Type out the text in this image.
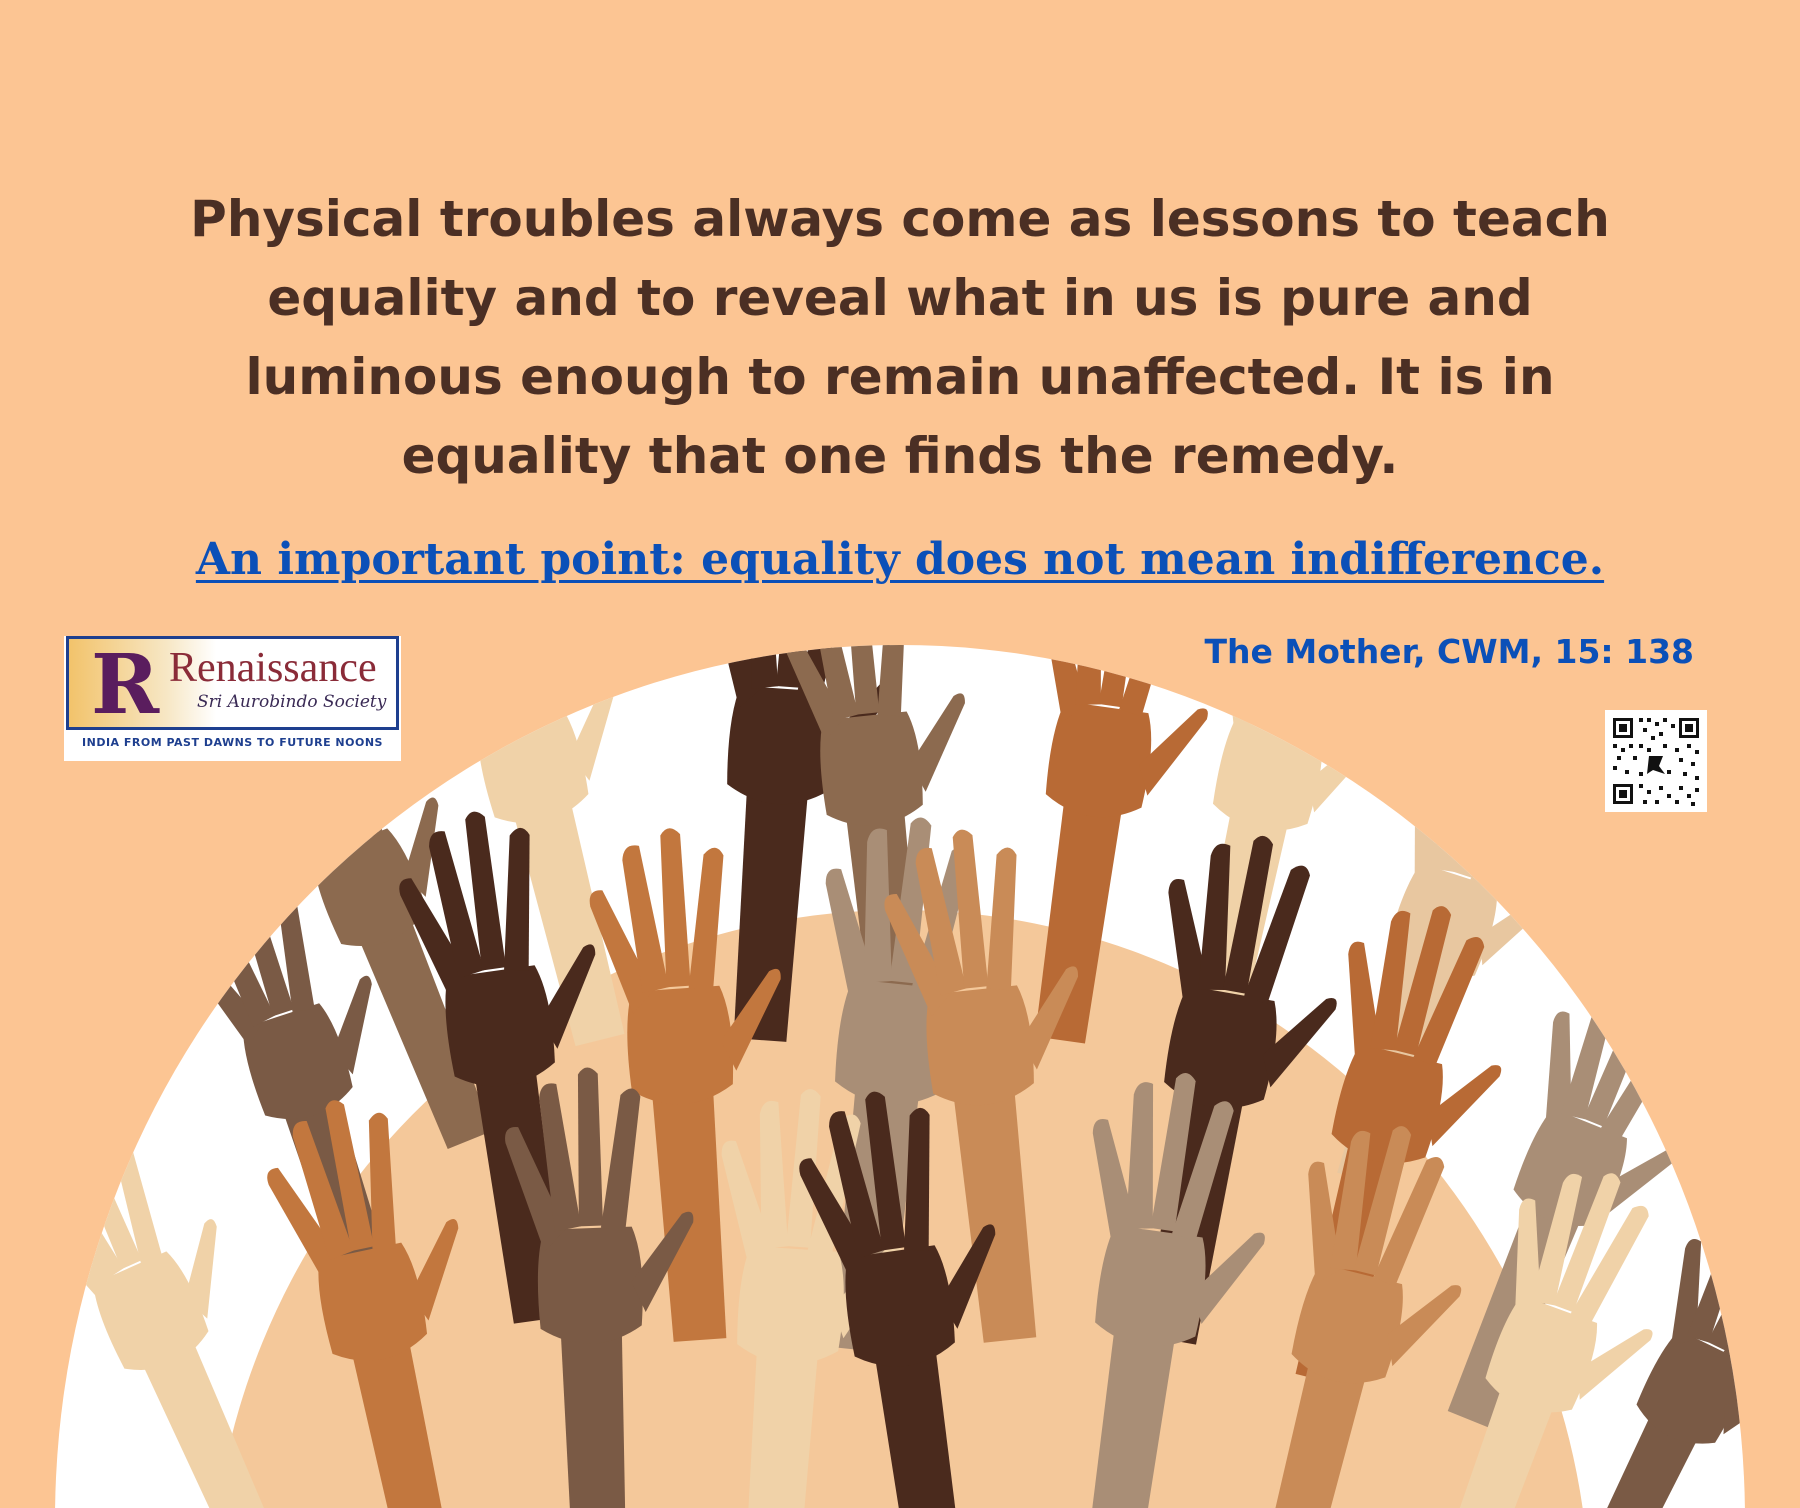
Physical troubles always come as lessons to teach equality and to reveal what in us is pure and luminous enough to remain unaffected. It is in equality that one finds the remedy.

An important point: equality does not mean indifference.

The Mother, CWM, 15: 138

R Renaissance
Sri Aurobindo Society
INDIA FROM PAST DAWNS TO FUTURE NOONS
